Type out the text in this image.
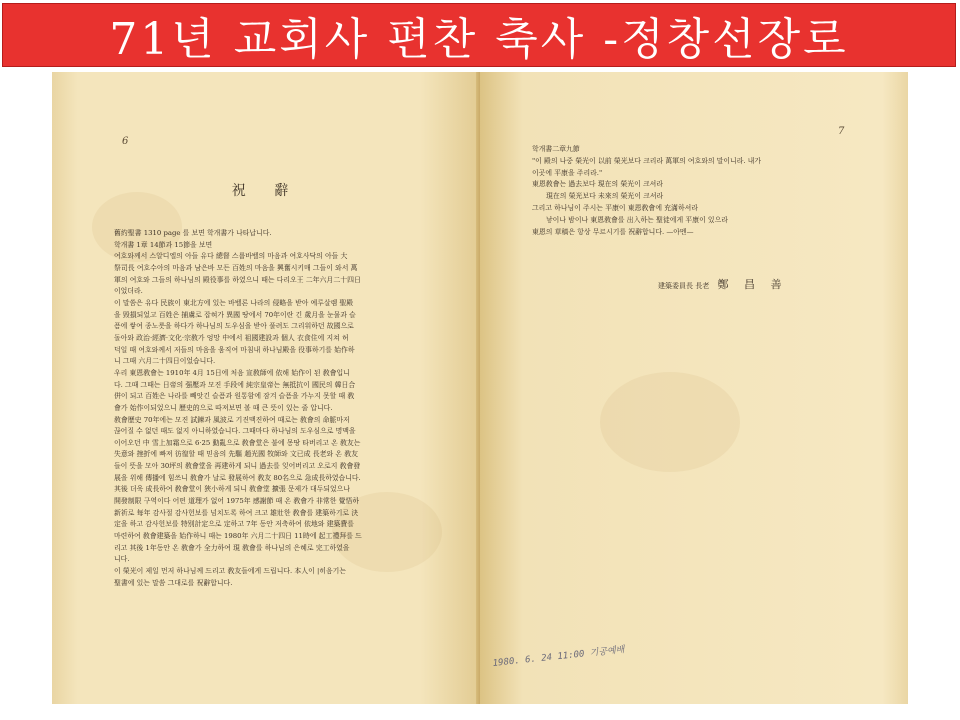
71년 교회사 편찬 축사 -정창선장로
6
祝 辭

舊約聖書 1310 page 를 보면 학개書가 나타납니다.

학개書 1章 14節과 15節을 보면

여호와께서 스알디엘의 아들 유다 總督 스룹바벨의 마음과 여호사닥의 아들 大

祭司長 여호수아의 마음과 남은바 모든 百姓의 마음을 興奮시키매 그들이 와서 萬

軍의 여호와 그들의 하나님의 殿役事를 하였으니 때는 다리오王 二年六月二十四日

이었더라.

이 말씀은 유다 民族이 東北方에 있는 바벨론 나라의 侵略을 받아 예루살렘 聖殿

을 毁損되었고 百姓은 捕虜로 잡혀가 異國 땅에서 70年이란 긴 歲月을 눈물과 슬

픔에 쌓여 종노릇을 하다가 하나님의 도우심을 받아 풀려도 그리워하던 故國으로

돌아와 政治·經濟·文化·宗敎가 엉망 中에서 祖國建設과 個人 衣食住에 지쳐 허

덕일 때 여호와께서 저들의 마음을 움직여 마침내 하나님殿을 役事하기를 始作하

니 그때 六月二十四日이었습니다.

우리 東恩敎會는 1910年 4月 15日에 처음 宣敎師에 依해 始作이 된 敎會입니

다. 그때 그때는 日帝의 强壓과 모진 手段에 純宗皇帝는 無抵抗이 國民의 韓日合

倂이 되고 百姓은 나라를 빼앗긴 슬픔과 원통함에 잠겨 슬픔을 가누지 못할 때 敎

會가 始作이되었으니 歷史的으로 따져보면 볼 때 큰 뜻이 있는 줄 압니다.

敎會歷史 70年에는 모진 試鍊과 風波로 기진맥진하여 때로는 敎會의 命脈마저

끊어질 수 없던 때도 없지 아니하였습니다. 그때마다 하나님의 도우심으로 명맥을

이어오던 中 雪上加霜으로 6·25 動亂으로 敎會堂은 불에 몽땅 타버리고 온 敎友는

失意와 挫折에 빠져 彷徨할 때 믿음의 先驅 趙光國 牧師와 文已成 長老와 온 敎友

들이 뜻을 모아 30坪의 敎會堂을 再建하게 되니 過去를 잊어버리고 오로지 敎會發

展을 위해 傳播에 힘쓰니 敎會가 날로 發展하여 敎友 80名으로 急成長하였습니다.

其後 더욱 成長하여 敎會堂이 狹小하게 되니 敎會堂 擴張 문제가 대두되었으나

開發制限 구역이다 어떤 道理가 없어 1975年 感謝節 때 온 敎會가 非常한 覺悟하

新祈로 每年 감사절 감사헌보를 넘치도록 하여 크고 雄壯한 敎會를 建築하기로 決

定을 하고 감사헌보를 特別計定으로 定하고 7年 동안 저축하여 依地와 建築費를

마련하여 敎會建築을 始作하니 때는 1980年 六月二十四日 11時에 起工禮拜를 드

리고 其後 1年동안 온 敎會가 全力하여 現 敎會를 하나님의 은혜로 完工하였을

니다.

이 榮光이 제일 먼저 하나님께 드리고 敎友들에게 드립니다. 本人이 |히음기는

聖書에 있는 말씀 그대로를 祝辭합니다.

7

학개書二章九節

"이 殿의 나중 榮光이 以前 榮光보다 크리라 萬軍의 여호와의 말이니라. 내가

이곳에 平康을 주리라."

東恩敎會는 過去보다 現在의 榮光이 크셔라

現在의 榮光보다 未來의 榮光이 크셔라

그리고 하나님이 주시는 平康이 東恩敎會에 充滿하셔라

낳이나 밤이나 東恩敎會를 出入하는 聖徒에게 平康이 있으라

東恩의 草稿은 항상 무르시기를 祝辭합니다. —아멘—

建築委員長 長老 鄭 昌 善
1980. 6. 24 11:00 기공예배
